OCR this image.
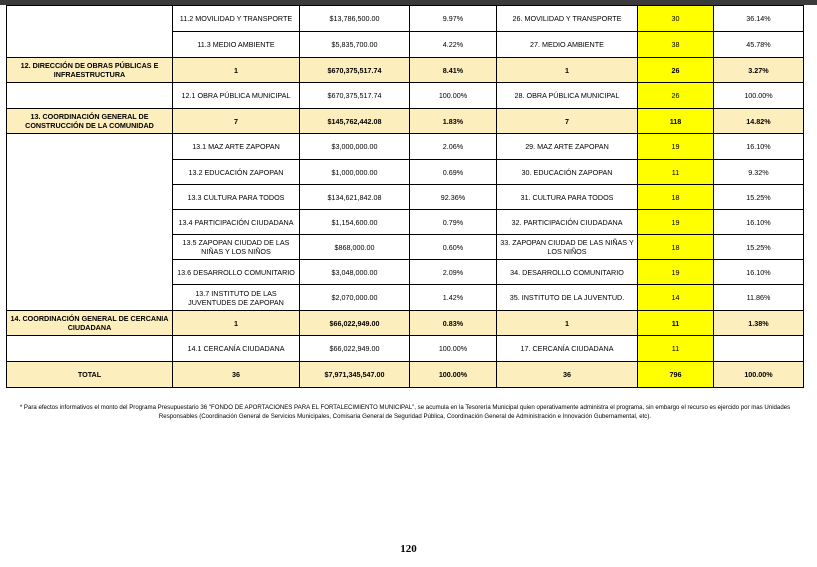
	11.2 MOVILIDAD Y TRANSPORTE	$13,786,500.00	9.97%	26. MOVILIDAD Y TRANSPORTE	30	36.14%
	11.3 MEDIO AMBIENTE	$5,835,700.00	4.22%	27. MEDIO AMBIENTE	38	45.78%
12. DIRECCIÓN DE OBRAS PÚBLICAS E INFRAESTRUCTURA	1	$670,375,517.74	8.41%	1	26	3.27%
	12.1 OBRA PÚBLICA MUNICIPAL	$670,375,517.74	100.00%	28. OBRA PÚBLICA MUNICIPAL	26	100.00%
13. COORDINACIÓN GENERAL DE CONSTRUCCIÓN DE LA COMUNIDAD	7	$145,762,442.08	1.83%	7	118	14.82%
	13.1 MAZ ARTE ZAPOPAN	$3,000,000.00	2.06%	29. MAZ ARTE ZAPOPAN	19	16.10%
	13.2 EDUCACIÓN ZAPOPAN	$1,000,000.00	0.69%	30. EDUCACIÓN ZAPOPAN	11	9.32%
	13.3 CULTURA PARA TODOS	$134,621,842.08	92.36%	31. CULTURA PARA TODOS	18	15.25%
	13.4 PARTICIPACIÓN CIUDADANA	$1,154,600.00	0.79%	32. PARTICIPACIÓN CIUDADANA	19	16.10%
	13.5 ZAPOPAN CIUDAD DE LAS NIÑAS Y LOS NIÑOS	$868,000.00	0.60%	33. ZAPOPAN CIUDAD DE LAS NIÑAS Y LOS NIÑOS	18	15.25%
	13.6 DESARROLLO COMUNITARIO	$3,048,000.00	2.09%	34. DESARROLLO COMUNITARIO	19	16.10%
	13.7 INSTITUTO DE LAS JUVENTUDES DE ZAPOPAN	$2,070,000.00	1.42%	35. INSTITUTO DE LA JUVENTUD.	14	11.86%
14. COORDINACIÓN GENERAL DE CERCANIA CIUDADANA	1	$66,022,949.00	0.83%	1	11	1.38%
	14.1 CERCANÍA CIUDADANA	$66,022,949.00	100.00%	17. CERCANÍA CIUDADANA	11	
TOTAL	36	$7,971,345,547.00	100.00%	36	796	100.00%

* Para efectos informativos el monto del Programa Presupuestario 36 "FONDO DE APORTACIONES PARA EL FORTALECIMIENTO MUNICIPAL", se acumula en la Tesorería Municipal quien operativamente administra el programa, sin embargo el recurso es ejercido por mas Unidades Responsables (Coordinación General de Servicios Municipales, Comisaría General de Seguridad Pública, Coordinación General de Administración e Innovación Gubernamental, etc).

120
